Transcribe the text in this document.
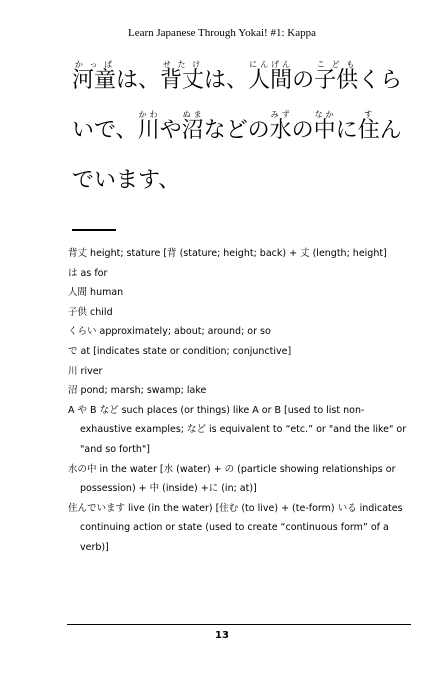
Learn Japanese Through Yokai! #1: Kappa
河童かっぱは、背丈せたけは、人間にんげんの子供こどもくらいで、川かわや沼ぬまなどの水みずの中なかに住すんでいます、
背丈 height; stature [背 (stature; height; back) + 丈 (length; height]
は as for
人間 human
子供 child
くらい approximately; about; around; or so
で at [indicates state or condition; conjunctive]
川 river
沼 pond; marsh; swamp; lake
A や B など such places (or things) like A or B [used to list non-exhaustive examples; など is equivalent to “etc.” or "and the like" or "and so forth"]
水の中 in the water [水 (water) + の (particle showing relationships or possession) + 中 (inside) +に (in; at)]
住んでいます live (in the water) [住む (to live) + (te-form) いる indicates continuing action or state (used to create “continuous form” of a verb)]
13
